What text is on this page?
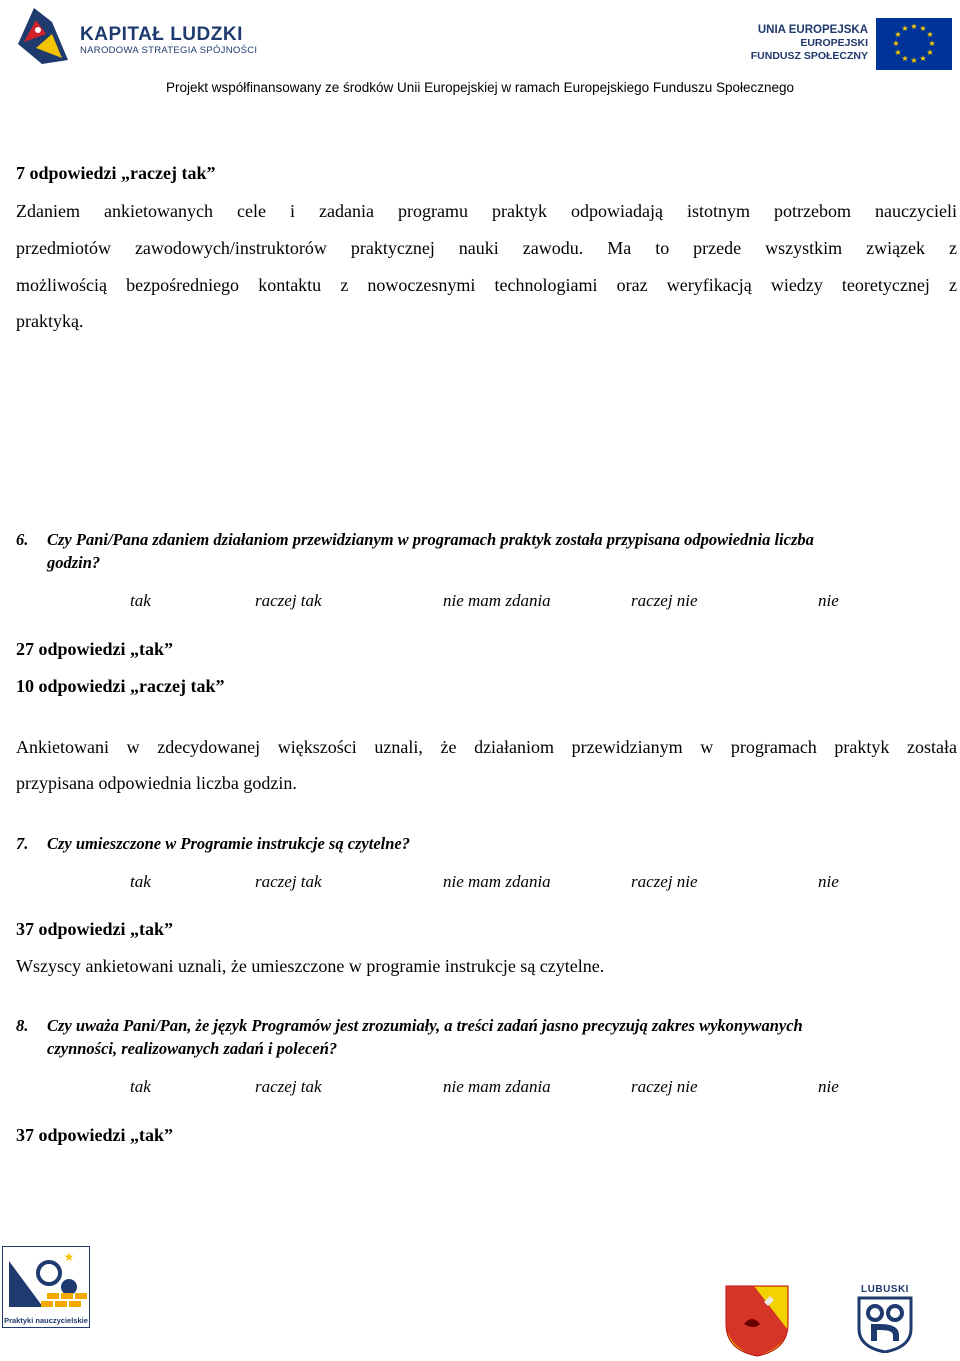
KAPITAŁ LUDZKI
NARODOWA STRATEGIA SPÓJNOŚCI
UNIA EUROPEJSKA
EUROPEJSKI
FUNDUSZ SPOŁECZNY
★ ★
★
★
★
★
★
★
★
★
★
★
Projekt współfinansowany ze środków Unii Europejskiej w ramach Europejskiego Funduszu Społecznego
7 odpowiedzi „raczej tak”
Zdaniem ankietowanych cele i zadania programu praktyk odpowiadają istotnym potrzebom nauczycieli
przedmiotów zawodowych/instruktorów praktycznej nauki zawodu. Ma to przede wszystkim związek z
możliwością bezpośredniego kontaktu z nowoczesnymi technologiami oraz weryfikacją wiedzy teoretycznej z
praktyką.
6. Czy Pani/Pana zdaniem działaniom przewidzianym w programach praktyk została przypisana odpowiednia liczba
godzin?
tak	raczej tak	nie mam zdania	raczej nie	nie
27 odpowiedzi „tak”
10 odpowiedzi „raczej tak”
Ankietowani w zdecydowanej większości uznali, że działaniom przewidzianym w programach praktyk została
przypisana odpowiednia liczba godzin.
7. Czy umieszczone w Programie instrukcje są czytelne?
tak	raczej tak	nie mam zdania	raczej nie	nie
37 odpowiedzi „tak”
Wszyscy ankietowani uznali, że umieszczone w programie instrukcje są czytelne.
8. Czy uważa Pani/Pan, że język Programów jest zrozumiały, a treści zadań jasno precyzują zakres wykonywanych
czynności, realizowanych zadań i poleceń?
tak	raczej tak	nie mam zdania	raczej nie	nie
37 odpowiedzi „tak”
★
Praktyki nauczycielskie
LUBUSKI
